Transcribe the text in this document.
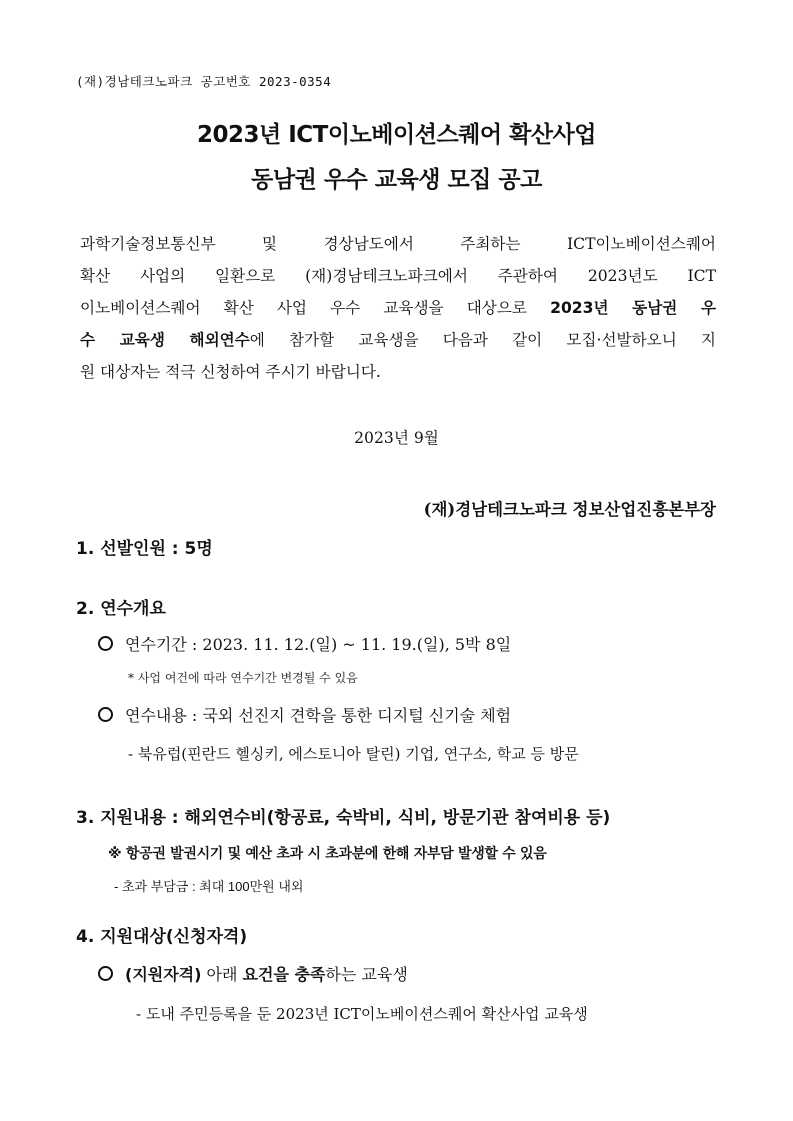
(재)경남테크노파크 공고번호 2023-0354
2023년 ICT이노베이션스퀘어 확산사업
동남권 우수 교육생 모집 공고
과학기술정보통신부 및 경상남도에서 주최하는 ICT이노베이션스퀘어
확산 사업의 일환으로 (재)경남테크노파크에서 주관하여 2023년도 ICT
이노베이션스퀘어 확산 사업 우수 교육생을 대상으로 2023년 동남권 우
수 교육생 해외연수에 참가할 교육생을 다음과 같이 모집·선발하오니 지
원 대상자는 적극 신청하여 주시기 바랍니다.
2023년 9월
(재)경남테크노파크 정보산업진흥본부장
1. 선발인원 : 5명
2. 연수개요
연수기간 : 2023. 11. 12.(일) ~ 11. 19.(일), 5박 8일
* 사업 여건에 따라 연수기간 변경될 수 있음
연수내용 : 국외 선진지 견학을 통한 디지털 신기술 체험
- 북유럽(핀란드 헬싱키, 에스토니아 탈린) 기업, 연구소, 학교 등 방문
3. 지원내용 : 해외연수비(항공료, 숙박비, 식비, 방문기관 참여비용 등)
※ 항공권 발권시기 및 예산 초과 시 초과분에 한해 자부담 발생할 수 있음
- 초과 부담금 : 최대 100만원 내외
4. 지원대상(신청자격)
(지원자격) 아래 요건을 충족하는 교육생
- 도내 주민등록을 둔 2023년 ICT이노베이션스퀘어 확산사업 교육생
